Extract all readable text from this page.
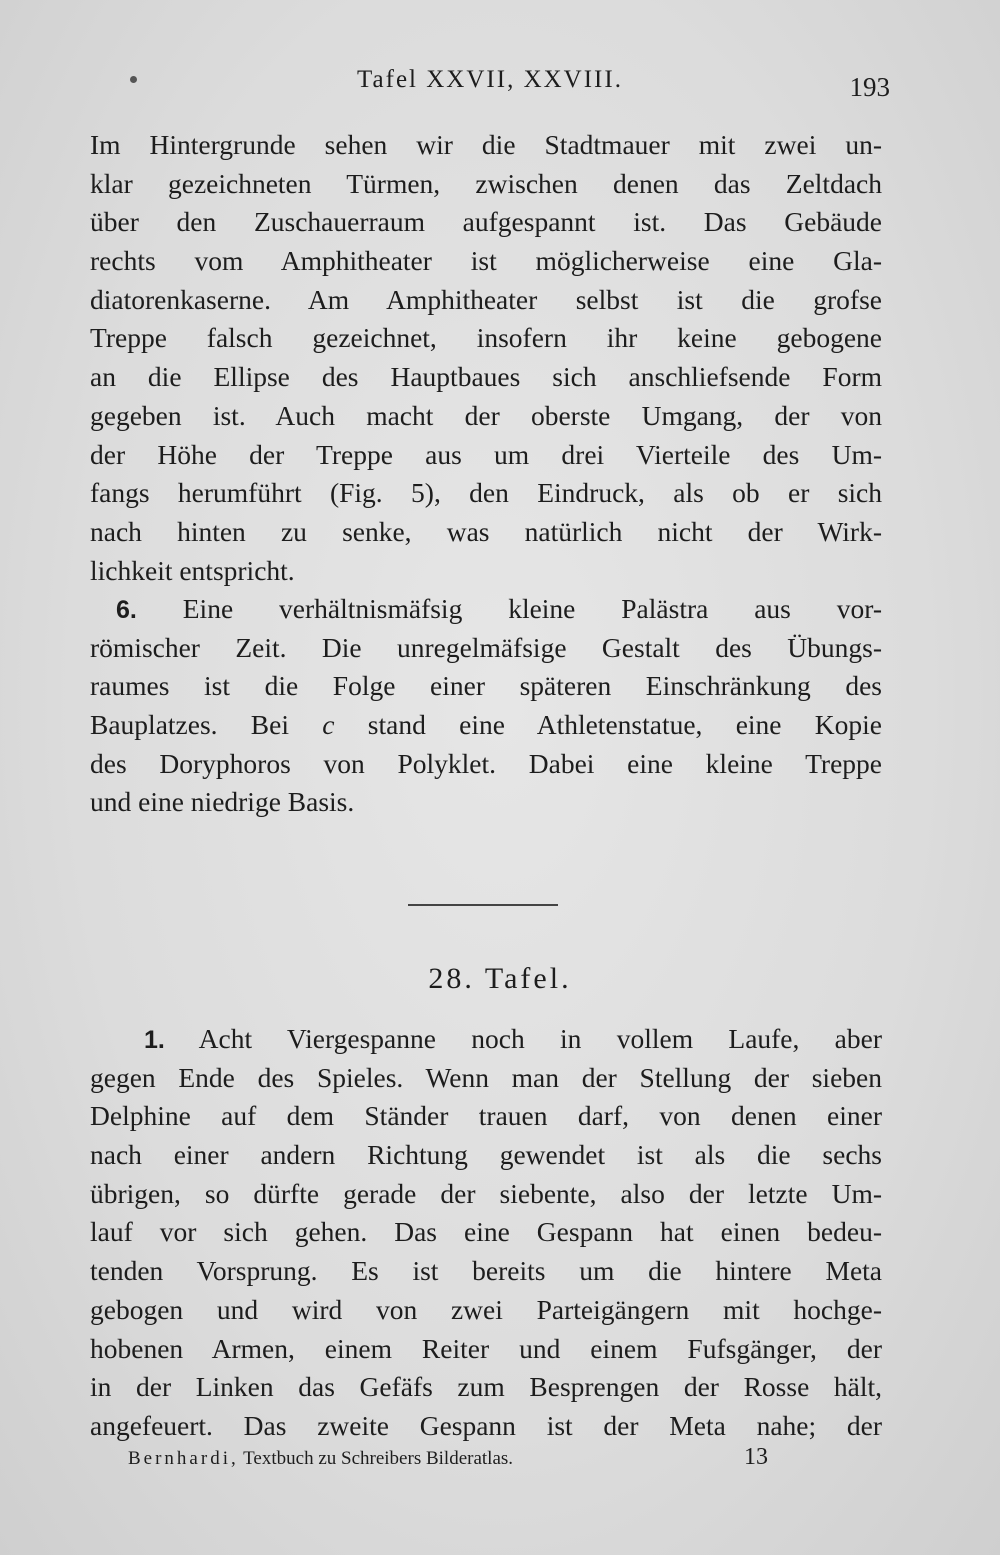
Tafel XXVII, XXVIII.	193
Im Hintergrunde sehen wir die Stadtmauer mit zwei un-
klar gezeichneten Türmen, zwischen denen das Zeltdach
über den Zuschauerraum aufgespannt ist. Das Gebäude
rechts vom Amphitheater ist möglicherweise eine Gla-
diatorenkaserne. Am Amphitheater selbst ist die grofse
Treppe falsch gezeichnet, insofern ihr keine gebogene
an die Ellipse des Hauptbaues sich anschliefsende Form
gegeben ist. Auch macht der oberste Umgang, der von
der Höhe der Treppe aus um drei Vierteile des Um-
fangs herumführt (Fig. 5), den Eindruck, als ob er sich
nach hinten zu senke, was natürlich nicht der Wirk-
lichkeit entspricht.
6. Eine verhältnismäfsig kleine Palästra aus vor-
römischer Zeit. Die unregelmäfsige Gestalt des Übungs-
raumes ist die Folge einer späteren Einschränkung des
Bauplatzes. Bei c stand eine Athletenstatue, eine Kopie
des Doryphoros von Polyklet. Dabei eine kleine Treppe
und eine niedrige Basis.
28. Tafel.
1. Acht Viergespanne noch in vollem Laufe, aber
gegen Ende des Spieles. Wenn man der Stellung der sieben
Delphine auf dem Ständer trauen darf, von denen einer
nach einer andern Richtung gewendet ist als die sechs
übrigen, so dürfte gerade der siebente, also der letzte Um-
lauf vor sich gehen. Das eine Gespann hat einen bedeu-
tenden Vorsprung. Es ist bereits um die hintere Meta
gebogen und wird von zwei Parteigängern mit hochge-
hobenen Armen, einem Reiter und einem Fufsgänger, der
in der Linken das Gefäfs zum Besprengen der Rosse hält,
angefeuert. Das zweite Gespann ist der Meta nahe; der
Bernhardi, Textbuch zu Schreibers Bilderatlas.	13
